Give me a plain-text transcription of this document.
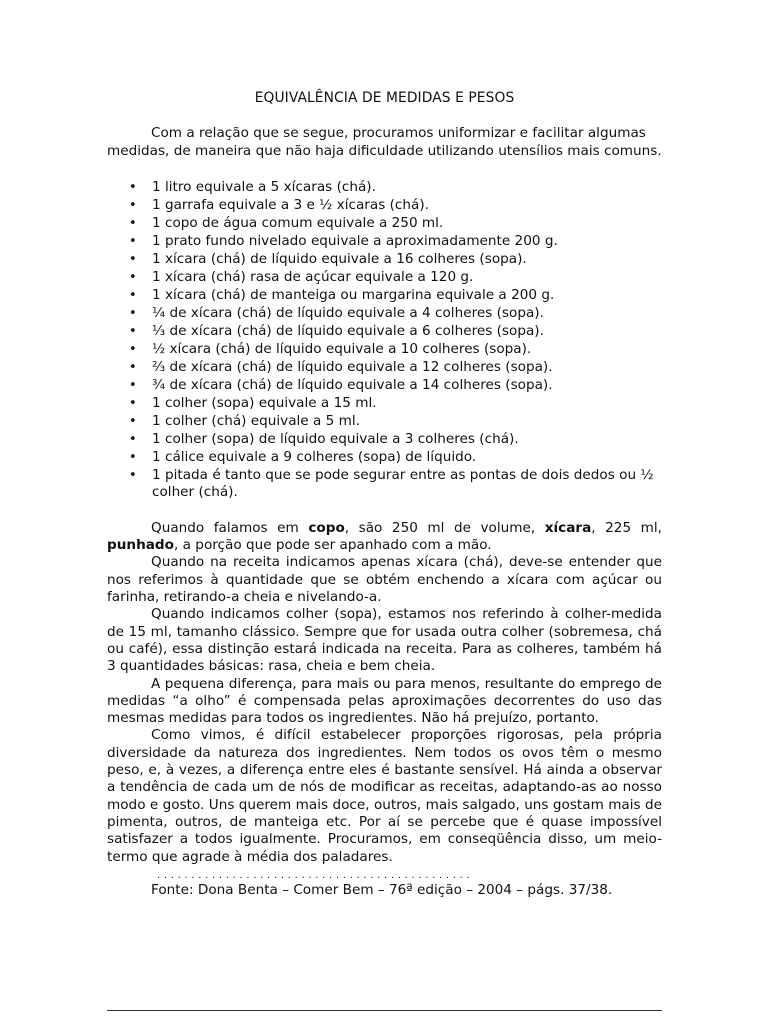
EQUIVALÊNCIA DE MEDIDAS E PESOS

Com a relação que se segue, procuramos uniformizar e facilitar algumas medidas, de maneira que não haja dificuldade utilizando utensílios mais comuns.

• 1 litro equivale a 5 xícaras (chá).
• 1 garrafa equivale a 3 e ½ xícaras (chá).
• 1 copo de água comum equivale a 250 ml.
• 1 prato fundo nivelado equivale a aproximadamente 200 g.
• 1 xícara (chá) de líquido equivale a 16 colheres (sopa).
• 1 xícara (chá) rasa de açúcar equivale a 120 g.
• 1 xícara (chá) de manteiga ou margarina equivale a 200 g.
• ¼ de xícara (chá) de líquido equivale a 4 colheres (sopa).
• ⅓ de xícara (chá) de líquido equivale a 6 colheres (sopa).
• ½ xícara (chá) de líquido equivale a 10 colheres (sopa).
• ⅔ de xícara (chá) de líquido equivale a 12 colheres (sopa).
• ¾ de xícara (chá) de líquido equivale a 14 colheres (sopa).
• 1 colher (sopa) equivale a 15 ml.
• 1 colher (chá) equivale a 5 ml.
• 1 colher (sopa) de líquido equivale a 3 colheres (chá).
• 1 cálice equivale a 9 colheres (sopa) de líquido.
• 1 pitada é tanto que se pode segurar entre as pontas de dois dedos ou ½ colher (chá).

Quando falamos em copo, são 250 ml de volume, xícara, 225 ml, punhado, a porção que pode ser apanhado com a mão.

Quando na receita indicamos apenas xícara (chá), deve-se entender que nos referimos à quantidade que se obtém enchendo a xícara com açúcar ou farinha, retirando-a cheia e nivelando-a.

Quando indicamos colher (sopa), estamos nos referindo à colher-medida de 15 ml, tamanho clássico. Sempre que for usada outra colher (sobremesa, chá ou café), essa distinção estará indicada na receita. Para as colheres, também há 3 quantidades básicas: rasa, cheia e bem cheia.

A pequena diferença, para mais ou para menos, resultante do emprego de medidas “a olho” é compensada pelas aproximações decorrentes do uso das mesmas medidas para todos os ingredientes. Não há prejuízo, portanto.

Como vimos, é difícil estabelecer proporções rigorosas, pela própria diversidade da natureza dos ingredientes. Nem todos os ovos têm o mesmo peso, e, à vezes, a diferença entre eles é bastante sensível. Há ainda a observar a tendência de cada um de nós de modificar as receitas, adaptando-as ao nosso modo e gosto. Uns querem mais doce, outros, mais salgado, uns gostam mais de pimenta, outros, de manteiga etc. Por aí se percebe que é quase impossível satisfazer a todos igualmente. Procuramos, em conseqüência disso, um meio-termo que agrade à média dos paladares.

..............................................

Fonte: Dona Benta – Comer Bem – 76ª edição – 2004 – págs. 37/38.
